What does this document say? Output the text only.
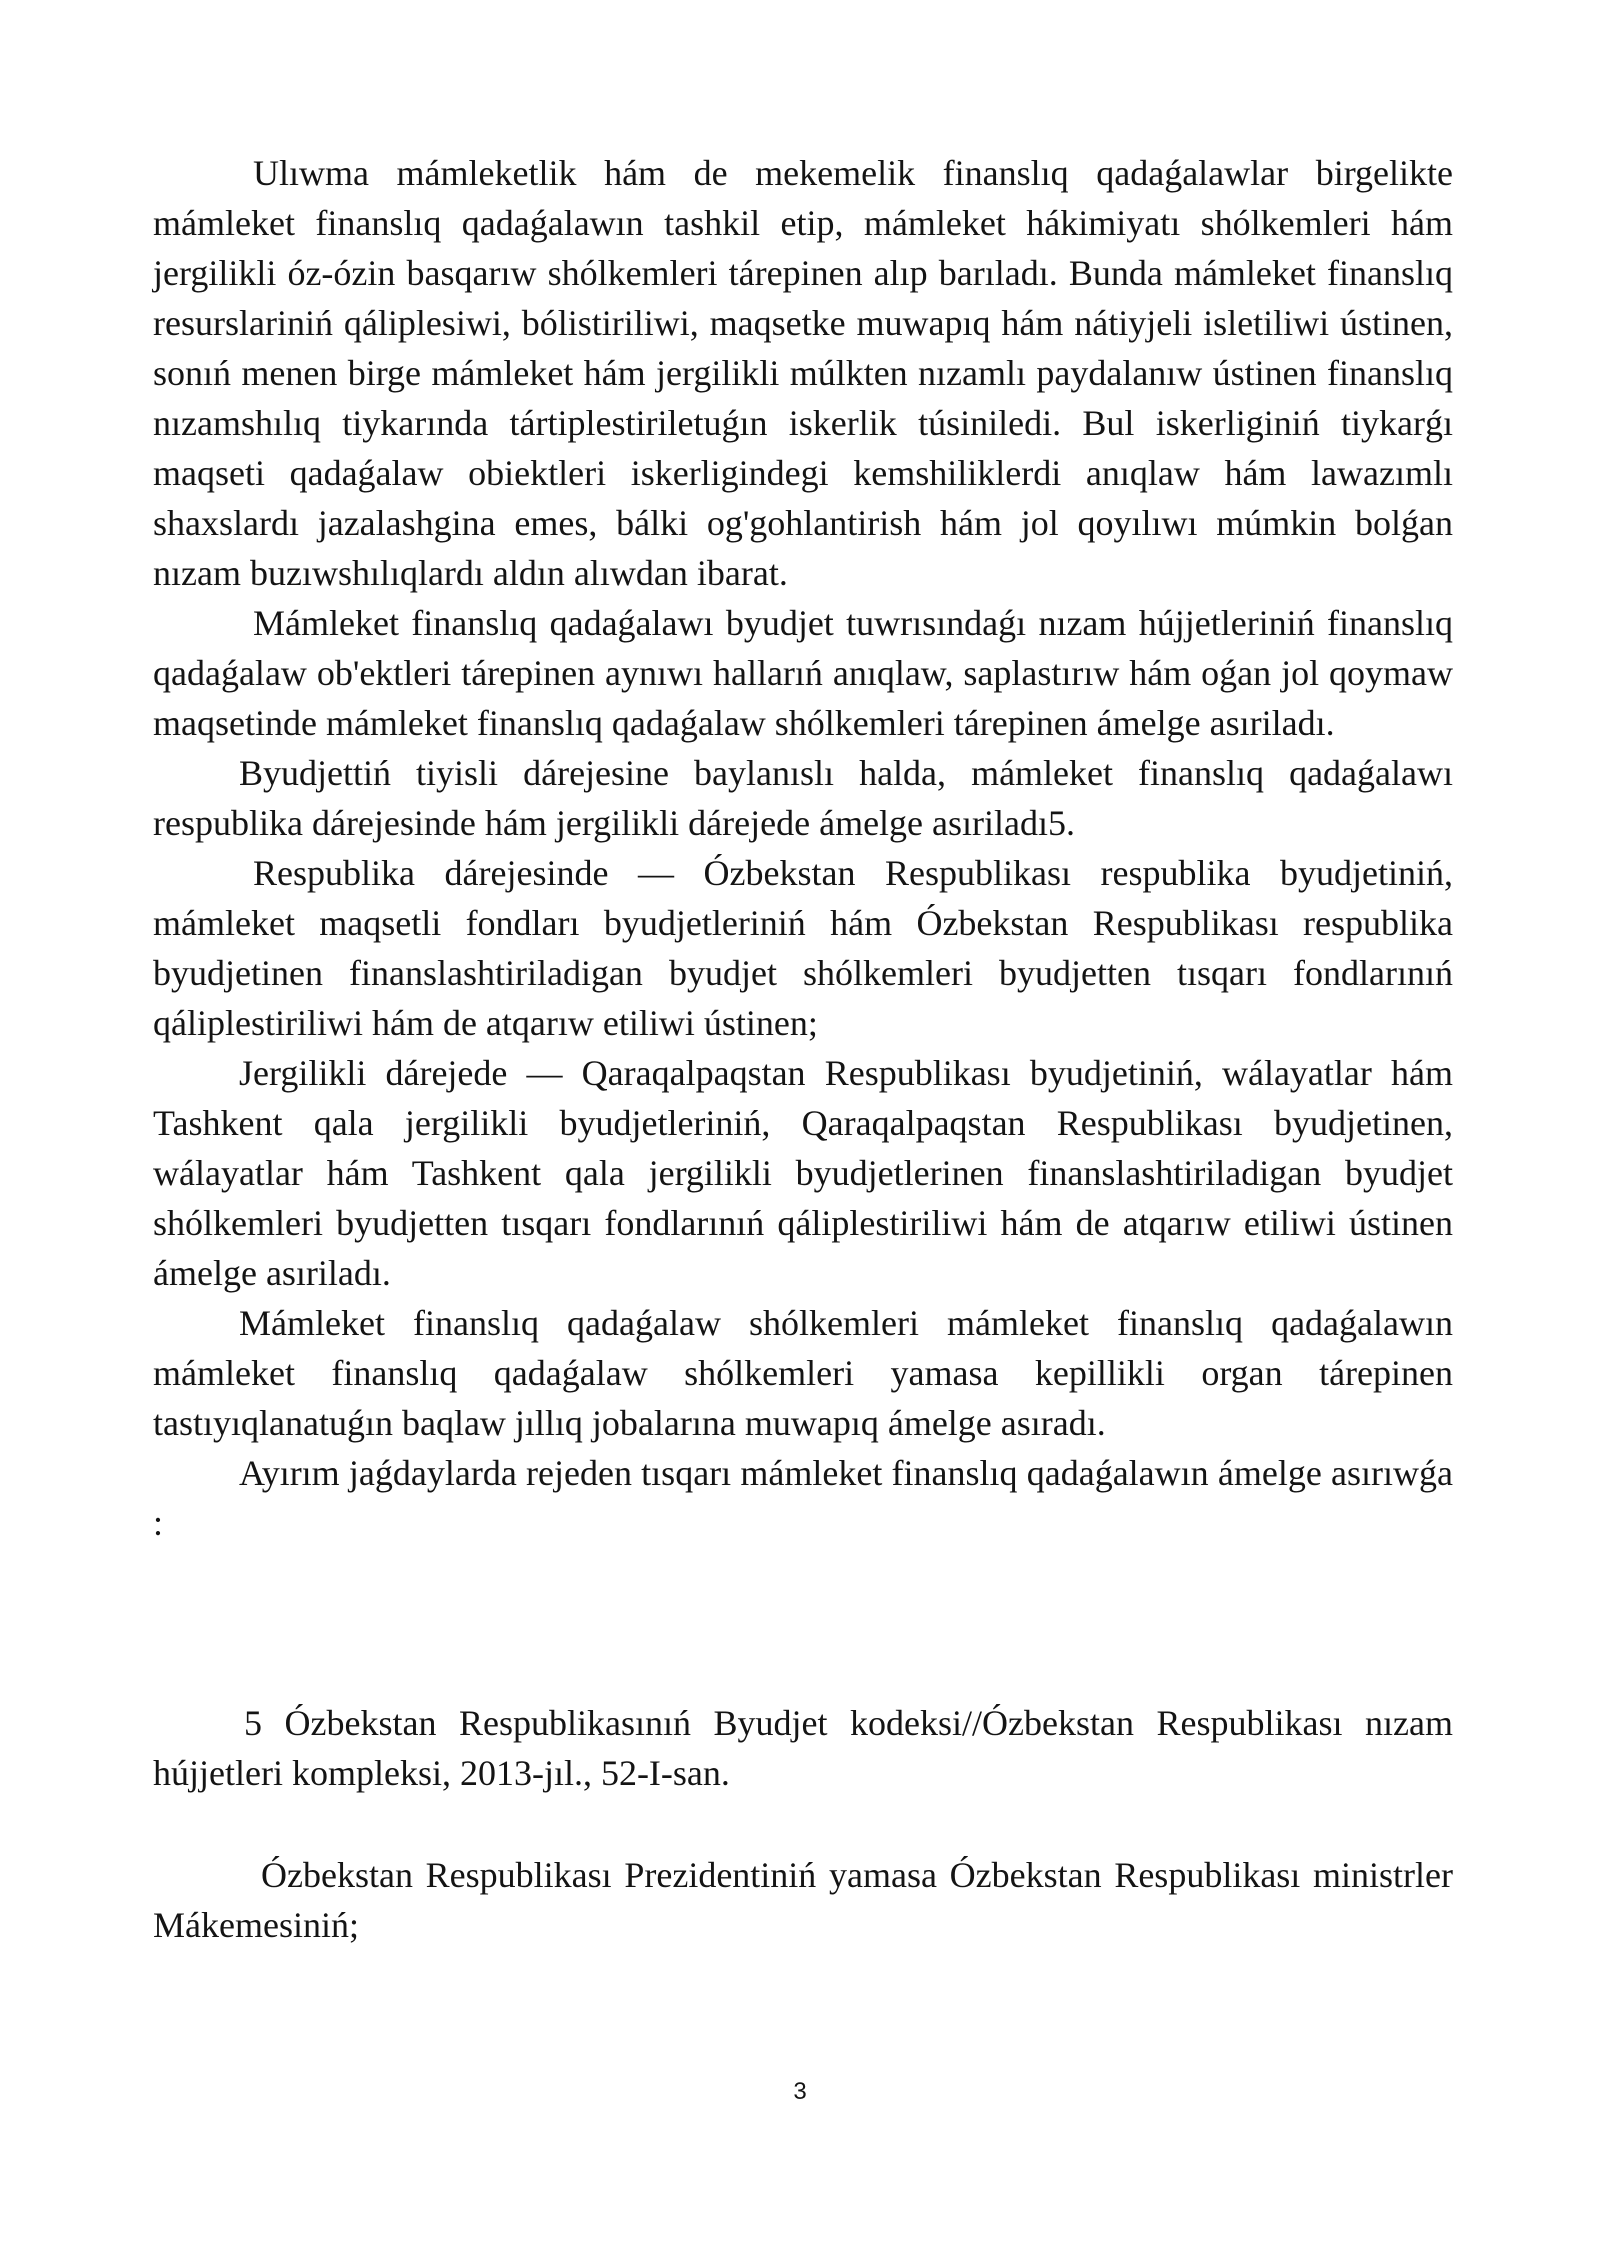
Ulıwma mámleketlik hám de mekemelik finanslıq qadaǵalawlar birgelikte mámleket finanslıq qadaǵalawın tashkil etip, mámleket hákimiyatı shólkemleri hám jergilikli óz-ózin basqarıw shólkemleri tárepinen alıp barıladı. Bunda mámleket finanslıq resurslariniń qáliplesiwi, bólistiriliwi, maqsetke muwapıq hám nátiyjeli isletiliwi ústinen, sonıń menen birge mámleket hám jergilikli múlkten nızamlı paydalanıw ústinen finanslıq nızamshılıq tiykarında tártiplestiriletuǵın iskerlik túsiniledi. Bul iskerliginiń tiykarǵı maqseti qadaǵalaw obiektleri iskerligindegi kemshiliklerdi anıqlaw hám lawazımlı shaxslardı jazalashgina emes, bálki og'gohlantirish hám jol qoyılıwı múmkin bolǵan nızam buzıwshılıqlardı aldın alıwdan ibarat.

Mámleket finanslıq qadaǵalawı byudjet tuwrısındaǵı nızam hújjetleriniń finanslıq qadaǵalaw ob'ektleri tárepinen aynıwı hallarıń anıqlaw, saplastırıw hám oǵan jol qoymaw maqsetinde mámleket finanslıq qadaǵalaw shólkemleri tárepinen ámelge asıriladı.

Byudjettiń tiyisli dárejesine baylanıslı halda, mámleket finanslıq qadaǵalawı respublika dárejesinde hám jergilikli dárejede ámelge asıriladı5.

Respublika dárejesinde — Ózbekstan Respublikası respublika byudjetiniń, mámleket maqsetli fondları byudjetleriniń hám Ózbekstan Respublikası respublika byudjetinen finanslashtiriladigan byudjet shólkemleri byudjetten tısqarı fondlarınıń qáliplestiriliwi hám de atqarıw etiliwi ústinen;

Jergilikli dárejede — Qaraqalpaqstan Respublikası byudjetiniń, wálayatlar hám Tashkent qala jergilikli byudjetleriniń, Qaraqalpaqstan Respublikası byudjetinen, wálayatlar hám Tashkent qala jergilikli byudjetlerinen finanslashtiriladigan byudjet shólkemleri byudjetten tısqarı fondlarınıń qáliplestiriliwi hám de atqarıw etiliwi ústinen ámelge asıriladı.

Mámleket finanslıq qadaǵalaw shólkemleri mámleket finanslıq qadaǵalawın mámleket finanslıq qadaǵalaw shólkemleri yamasa kepillikli organ tárepinen tastıyıqlanatuǵın baqlaw jıllıq jobalarına muwapıq ámelge asıradı.

Ayırım jaǵdaylarda rejeden tısqarı mámleket finanslıq qadaǵalawın ámelge asırıwǵa :

5 Ózbekstan Respublikasınıń Byudjet kodeksi//Ózbekstan Respublikası nızam hújjetleri kompleksi, 2013-jıl., 52-I-san.

Ózbekstan Respublikası Prezidentiniń yamasa Ózbekstan Respublikası ministrler Mákemesiniń;

3
